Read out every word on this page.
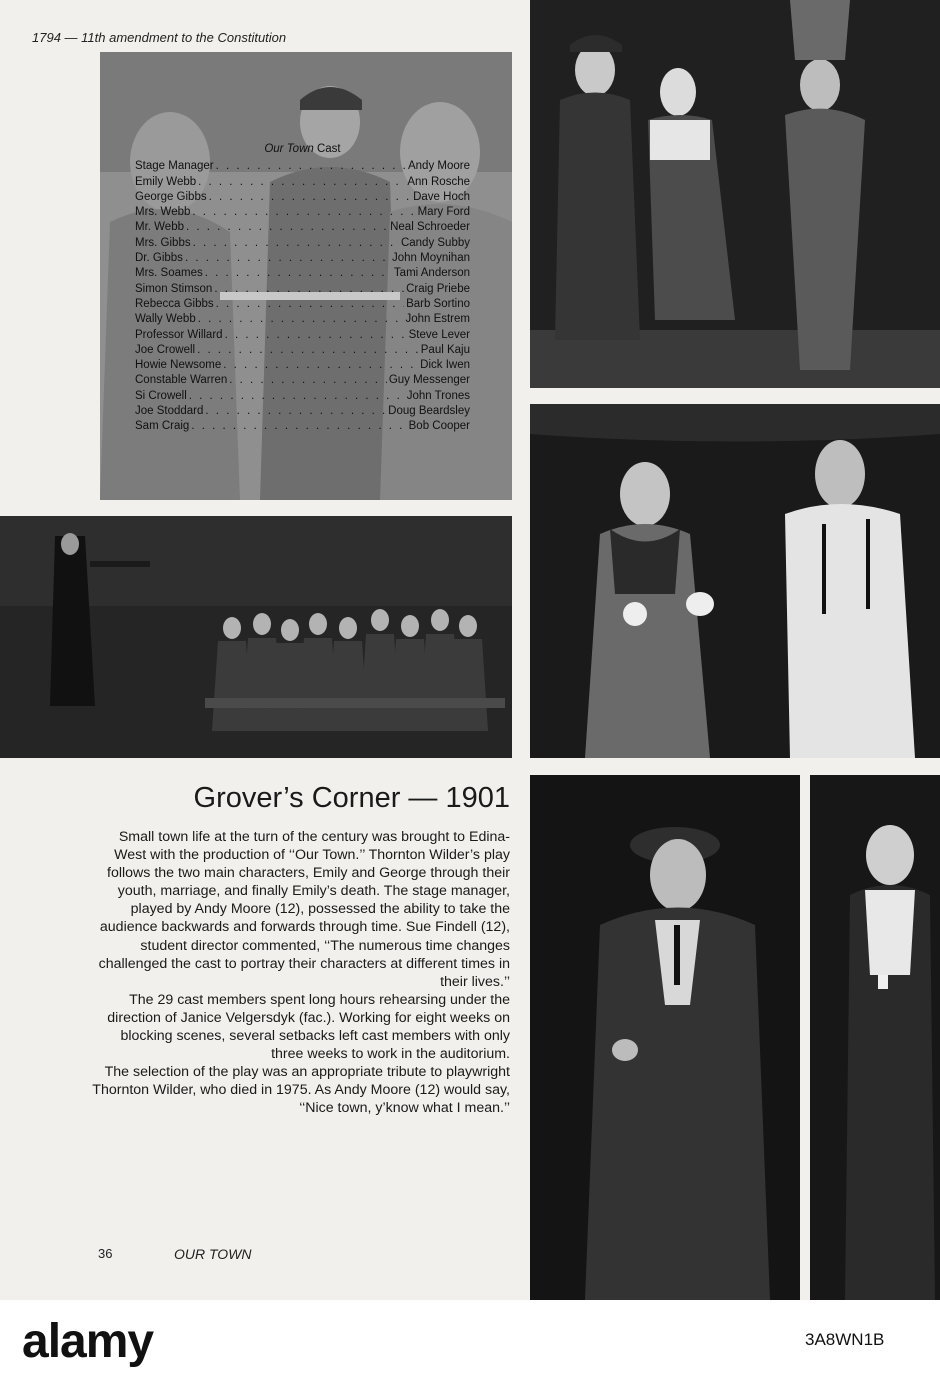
1794 — 11th amendment to the Constitution
Our Town Cast
Stage Manager . . .	Andy Moore
Emily Webb . . .	Ann Rosche
George Gibbs . . .	Dave Hoch
Mrs. Webb . . .	Mary Ford
Mr. Webb . . .	Neal Schroeder
Mrs. Gibbs . . .	Candy Subby
Dr. Gibbs . . .	John Moynihan
Mrs. Soames . . .	Tami Anderson
Simon Stimson . . .	Craig Priebe
Rebecca Gibbs . . .	Barb Sortino
Wally Webb . . .	John Estrem
Professor Willard . . .	Steve Lever
Joe Crowell . . .	Paul Kaju
Howie Newsome . . .	Dick Iwen
Constable Warren . . .	Guy Messenger
Si Crowell . . .	John Trones
Joe Stoddard . . .	Doug Beardsley
Sam Craig . . .	Bob Cooper
Grover’s Corner — 1901

Small town life at the turn of the century was brought to Edina-West with the production of ‘‘Our Town.’’ Thornton Wilder’s play follows the two main characters, Emily and George through their youth, marriage, and finally Emily’s death. The stage manager, played by Andy Moore (12), possessed the ability to take the audience backwards and forwards through time. Sue Findell (12), student director commented, ‘‘The numerous time changes challenged the cast to portray their characters at different times in their lives.’’

The 29 cast members spent long hours rehearsing under the direction of Janice Velgersdyk (fac.). Working for eight weeks on blocking scenes, several setbacks left cast members with only three weeks to work in the auditorium.

The selection of the play was an appropriate tribute to playwright Thornton Wilder, who died in 1975. As Andy Moore (12) would say, ‘‘Nice town, y’know what I mean.’’

36	OUR TOWN
alamy	3A8WN1B
